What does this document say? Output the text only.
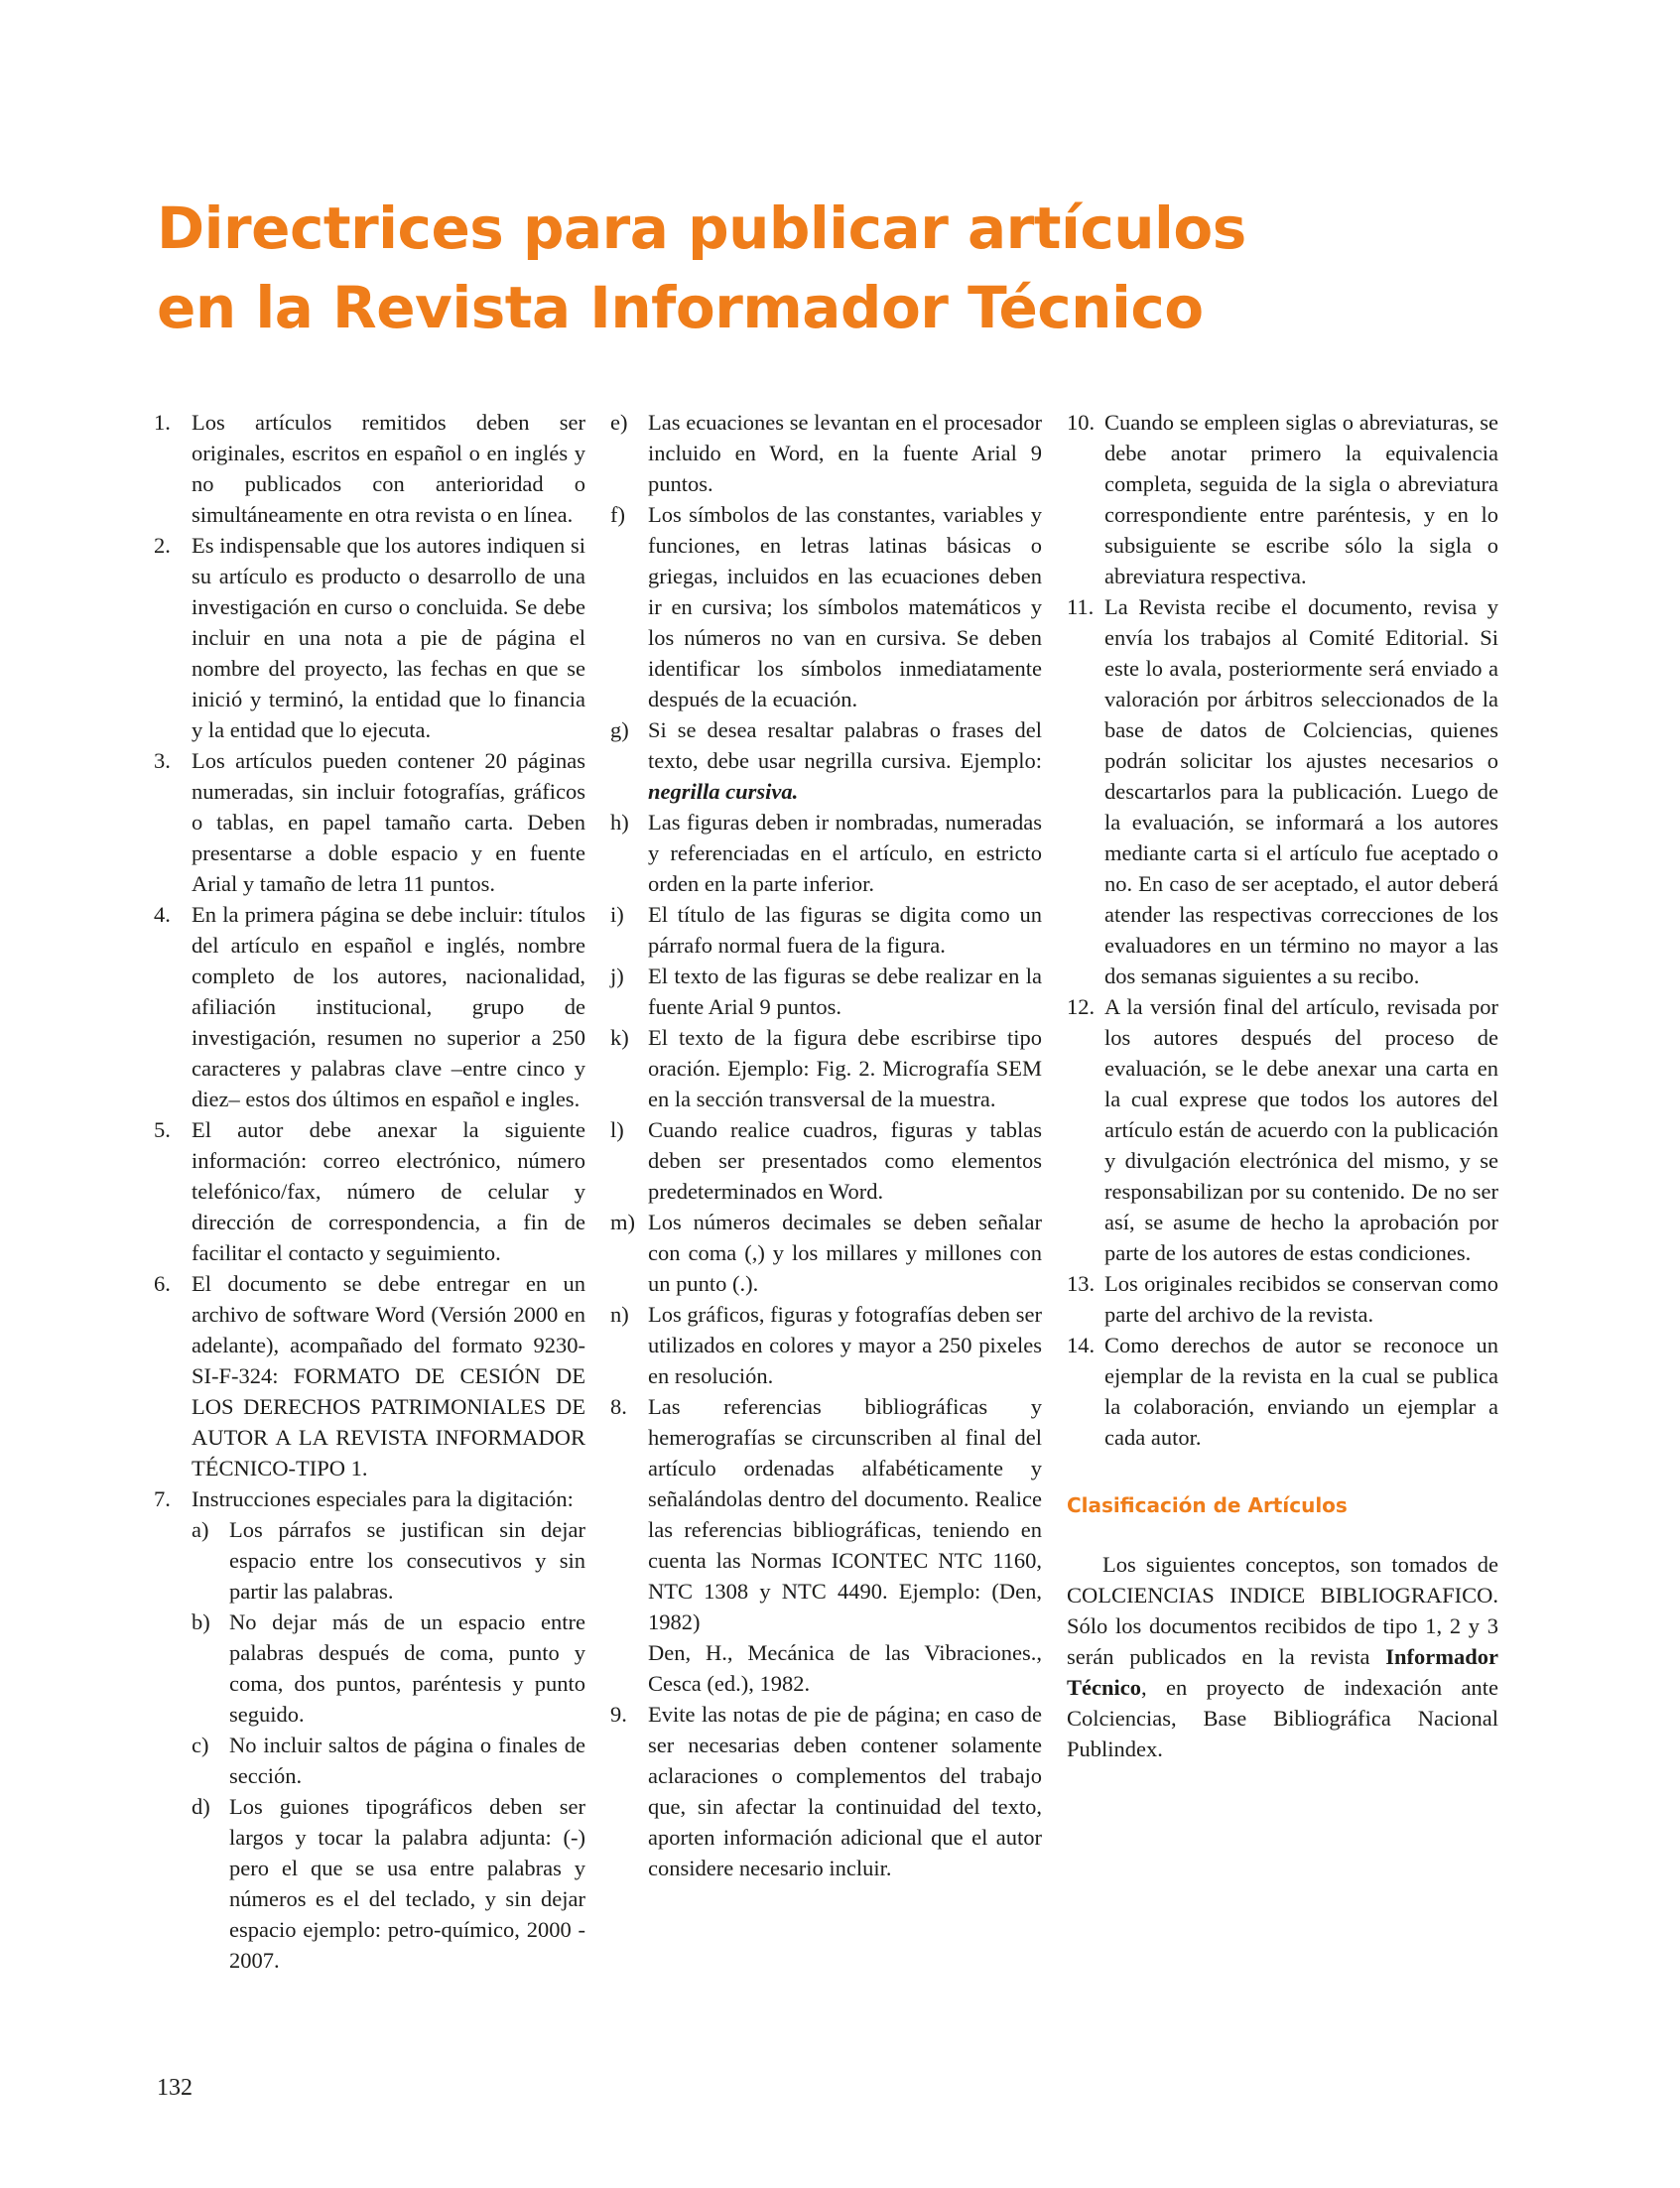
Directrices para publicar artículos
en la Revista Informador Técnico
1. Los artículos remitidos deben ser originales, escritos en español o en inglés y no publicados con anterioridad o simultáneamente en otra revista o en línea.
2. Es indispensable que los autores indiquen si su artículo es producto o desarrollo de una investigación en curso o concluida. Se debe incluir en una nota a pie de página el nombre del proyecto, las fechas en que se inició y terminó, la entidad que lo financia y la entidad que lo ejecuta.
3. Los artículos pueden contener 20 páginas numeradas, sin incluir fotografías, gráficos o tablas, en papel tamaño carta. Deben presentarse a doble espacio y en fuente Arial y tamaño de letra 11 puntos.
4. En la primera página se debe incluir: títulos del artículo en español e inglés, nombre completo de los autores, nacionalidad, afiliación institucional, grupo de investigación, resumen no superior a 250 caracteres y palabras clave –entre cinco y diez– estos dos últimos en español e ingles.
5. El autor debe anexar la siguiente información: correo electrónico, número telefónico/fax, número de celular y dirección de correspondencia, a fin de facilitar el contacto y seguimiento.
6. El documento se debe entregar en un archivo de software Word (Versión 2000 en adelante), acompañado del formato 9230-SI-F-324: FORMATO DE CESIÓN DE LOS DERECHOS PATRIMONIALES DE AUTOR A LA REVISTA INFORMADOR TÉCNICO-TIPO 1.
7. Instrucciones especiales para la digitación:
a) Los párrafos se justifican sin dejar espacio entre los consecutivos y sin partir las palabras.
b) No dejar más de un espacio entre palabras después de coma, punto y coma, dos puntos, paréntesis y punto seguido.
c) No incluir saltos de página o finales de sección.
d) Los guiones tipográficos deben ser largos y tocar la palabra adjunta: (-) pero el que se usa entre palabras y números es el del teclado, y sin dejar espacio ejemplo: petro-químico, 2000 - 2007.
e) Las ecuaciones se levantan en el procesador incluido en Word, en la fuente Arial 9 puntos.
f)	Los símbolos de las constantes, variables y funciones, en letras latinas básicas o griegas, incluidos en las ecuaciones deben ir en cursiva; los símbolos matemáticos y los números no van en cursiva. Se deben identificar los símbolos inmediatamente después de la ecuación.
g) Si se desea resaltar palabras o frases del texto, debe usar negrilla cursiva. Ejemplo: negrilla cursiva.
h) Las figuras deben ir nombradas, numeradas y referenciadas en el artículo, en estricto orden en la parte inferior.
i)	El título de las figuras se digita como un párrafo normal fuera de la figura.
j)	El texto de las figuras se debe realizar en la fuente Arial 9 puntos.
k) El texto de la figura debe escribirse tipo oración. Ejemplo: Fig. 2. Micrografía SEM en la sección transversal de la muestra.
l)	Cuando realice cuadros, figuras y tablas deben ser presentados como elementos predeterminados en Word.
m) Los números decimales se deben señalar con coma (,) y los millares y millones con un punto (.).
n) Los gráficos, figuras y fotografías deben ser utilizados en colores y mayor a 250 pixeles en resolución.
8. Las referencias bibliográficas y hemerografías se circunscriben al final del artículo ordenadas alfabéticamente y señalándolas dentro del documento. Realice las referencias bibliográficas, teniendo en cuenta las Normas ICONTEC NTC 1160, NTC 1308 y NTC 4490. Ejemplo: (Den, 1982)
Den, H., Mecánica de las Vibraciones., Cesca (ed.), 1982.
9. Evite las notas de pie de página; en caso de ser necesarias deben contener solamente aclaraciones o complementos del trabajo que, sin afectar la continuidad del texto, aporten información adicional que el autor considere necesario incluir.
10. Cuando se empleen siglas o abreviaturas, se debe anotar primero la equivalencia completa, seguida de la sigla o abreviatura correspondiente entre paréntesis, y en lo subsiguiente se escribe sólo la sigla o abreviatura respectiva.
11. La Revista recibe el documento, revisa y envía los trabajos al Comité Editorial. Si este lo avala, posteriormente será enviado a valoración por árbitros seleccionados de la base de datos de Colciencias, quienes podrán solicitar los ajustes necesarios o descartarlos para la publicación. Luego de la evaluación, se informará a los autores mediante carta si el artículo fue aceptado o no. En caso de ser aceptado, el autor deberá atender las respectivas correcciones de los evaluadores en un término no mayor a las dos semanas siguientes a su recibo.
12. A la versión final del artículo, revisada por los autores después del proceso de evaluación, se le debe anexar una carta en la cual exprese que todos los autores del artículo están de acuerdo con la publicación y divulgación electrónica del mismo, y se responsabilizan por su contenido. De no ser así, se asume de hecho la aprobación por parte de los autores de estas condiciones.
13. Los originales recibidos se conservan como parte del archivo de la revista.
14. Como derechos de autor se reconoce un ejemplar de la revista en la cual se publica la colaboración, enviando un ejemplar a cada autor.
Clasificación de Artículos
Los siguientes conceptos, son tomados de COLCIENCIAS INDICE BIBLIOGRAFICO. Sólo los documentos recibidos de tipo 1, 2 y 3 serán publicados en la revista Informador Técnico, en proyecto de indexación ante Colciencias, Base Bibliográfica Nacional Publindex.
132
